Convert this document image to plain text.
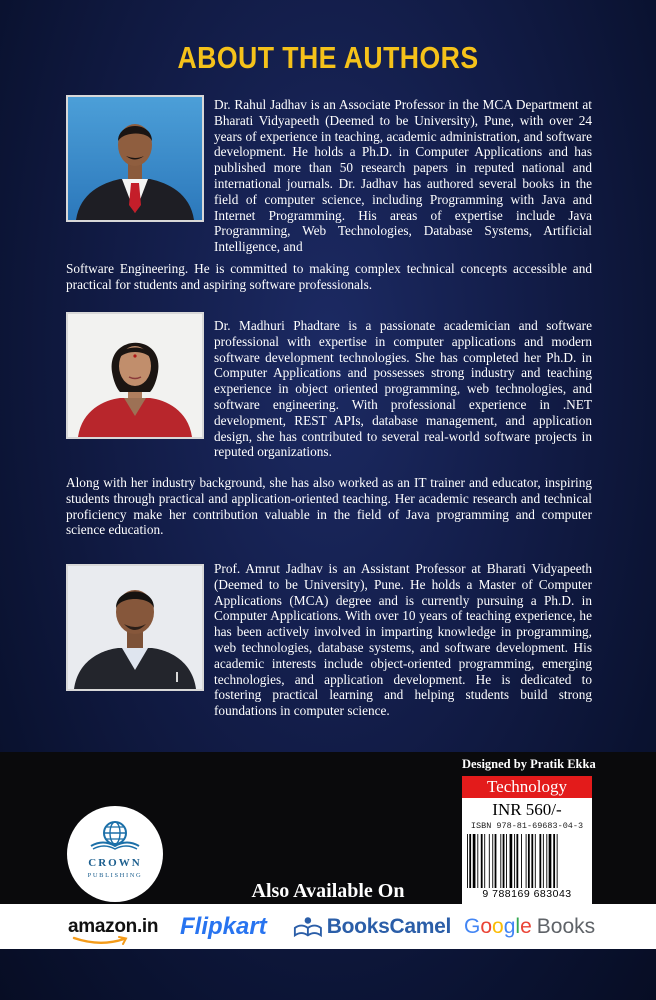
ABOUT THE AUTHORS
Dr. Rahul Jadhav is an Associate Professor in the MCA Department at Bharati Vidyapeeth (Deemed to be University), Pune, with over 24 years of experience in teaching, academic administration, and software development. He holds a Ph.D. in Computer Applications and has published more than 50 research papers in reputed national and international journals. Dr. Jadhav has authored several books in the field of computer science, including Programming with Java and Internet Programming. His areas of expertise include Java Programming, Web Technologies, Database Systems, Artificial Intelligence, and
Software Engineering. He is committed to making complex technical concepts accessible and practical for students and aspiring software professionals.
Dr. Madhuri Phadtare is a passionate academician and software professional with expertise in computer applications and modern software development technologies. She has completed her Ph.D. in Computer Applications and possesses strong industry and teaching experience in object oriented programming, web technologies, and software engineering. With professional experience in .NET development, REST APIs, database management, and application design, she has contributed to several real-world software projects in reputed organizations.
Along with her industry background, she has also worked as an IT trainer and educator, inspiring students through practical and application-oriented teaching. Her academic research and technical proficiency make her contribution valuable in the field of Java programming and computer science education.
Prof. Amrut Jadhav is an Assistant Professor at Bharati Vidyapeeth (Deemed to be University), Pune. He holds a Master of Computer Applications (MCA) degree and is currently pursuing a Ph.D. in Computer Applications. With over 10 years of teaching experience, he has been actively involved in imparting knowledge in programming, web technologies, database systems, and software development. His academic interests include object-oriented programming, emerging technologies, and application development. He is dedicated to fostering practical learning and helping students build strong foundations in computer science.
Designed by Pratik Ekka
Technology
INR 560/-
ISBN 978-81-69683-04-3
9 788169 683043
CROWN
PUBLISHING
Also Available On
amazon.in Flipkart	BooksCamel Google Books
